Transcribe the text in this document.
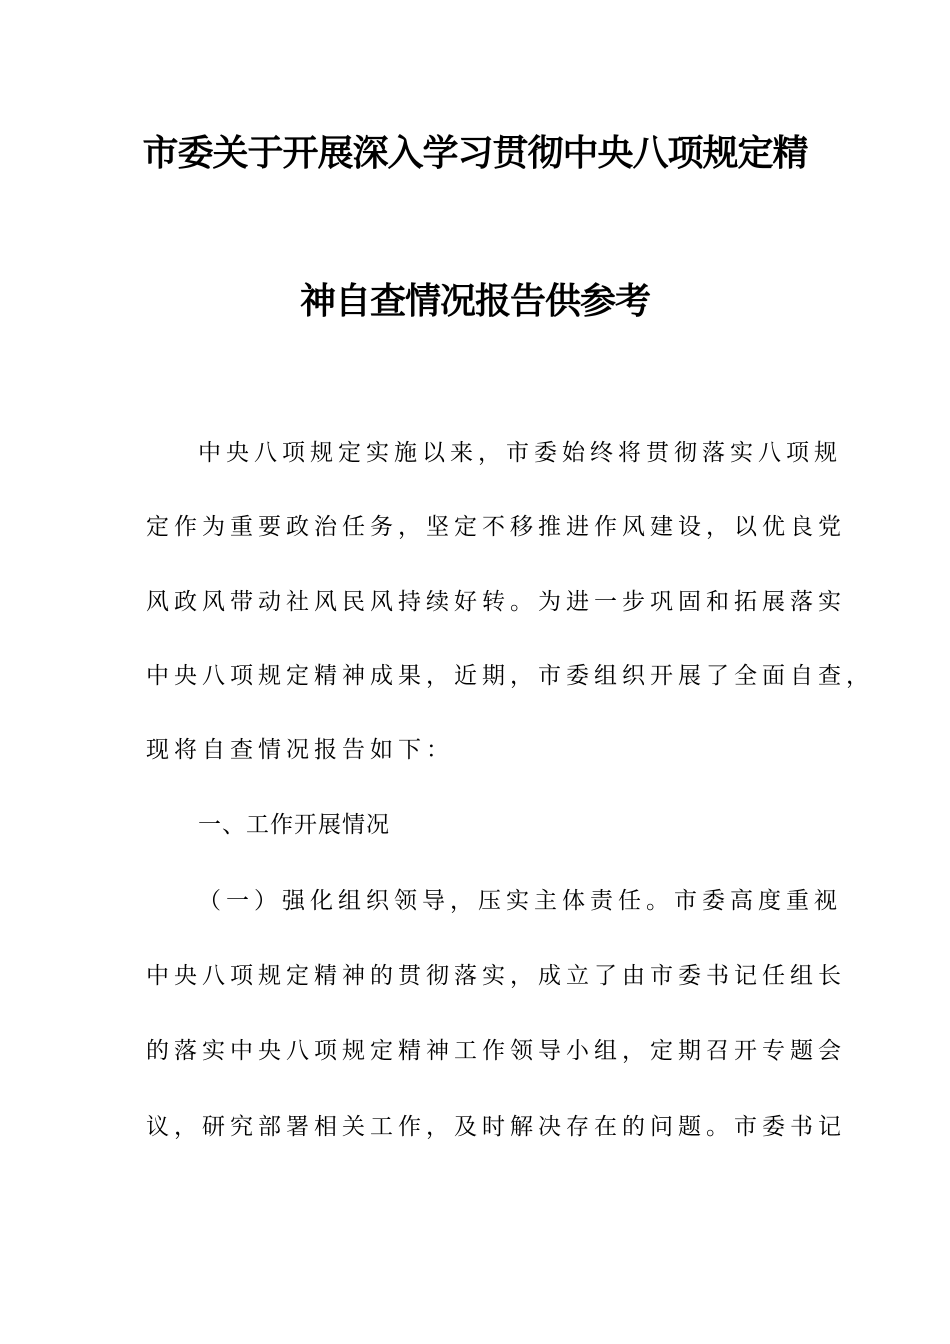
市委关于开展深入学习贯彻中央八项规定精
神自查情况报告供参考
中央八项规定实施以来，市委始终将贯彻落实八项规
定作为重要政治任务，坚定不移推进作风建设，以优良党
风政风带动社风民风持续好转。为进一步巩固和拓展落实
中央八项规定精神成果，近期，市委组织开展了全面自查，
现将自查情况报告如下：
一、工作开展情况
（一）强化组织领导，压实主体责任。市委高度重视
中央八项规定精神的贯彻落实，成立了由市委书记任组长
的落实中央八项规定精神工作领导小组，定期召开专题会
议，研究部署相关工作，及时解决存在的问题。市委书记
